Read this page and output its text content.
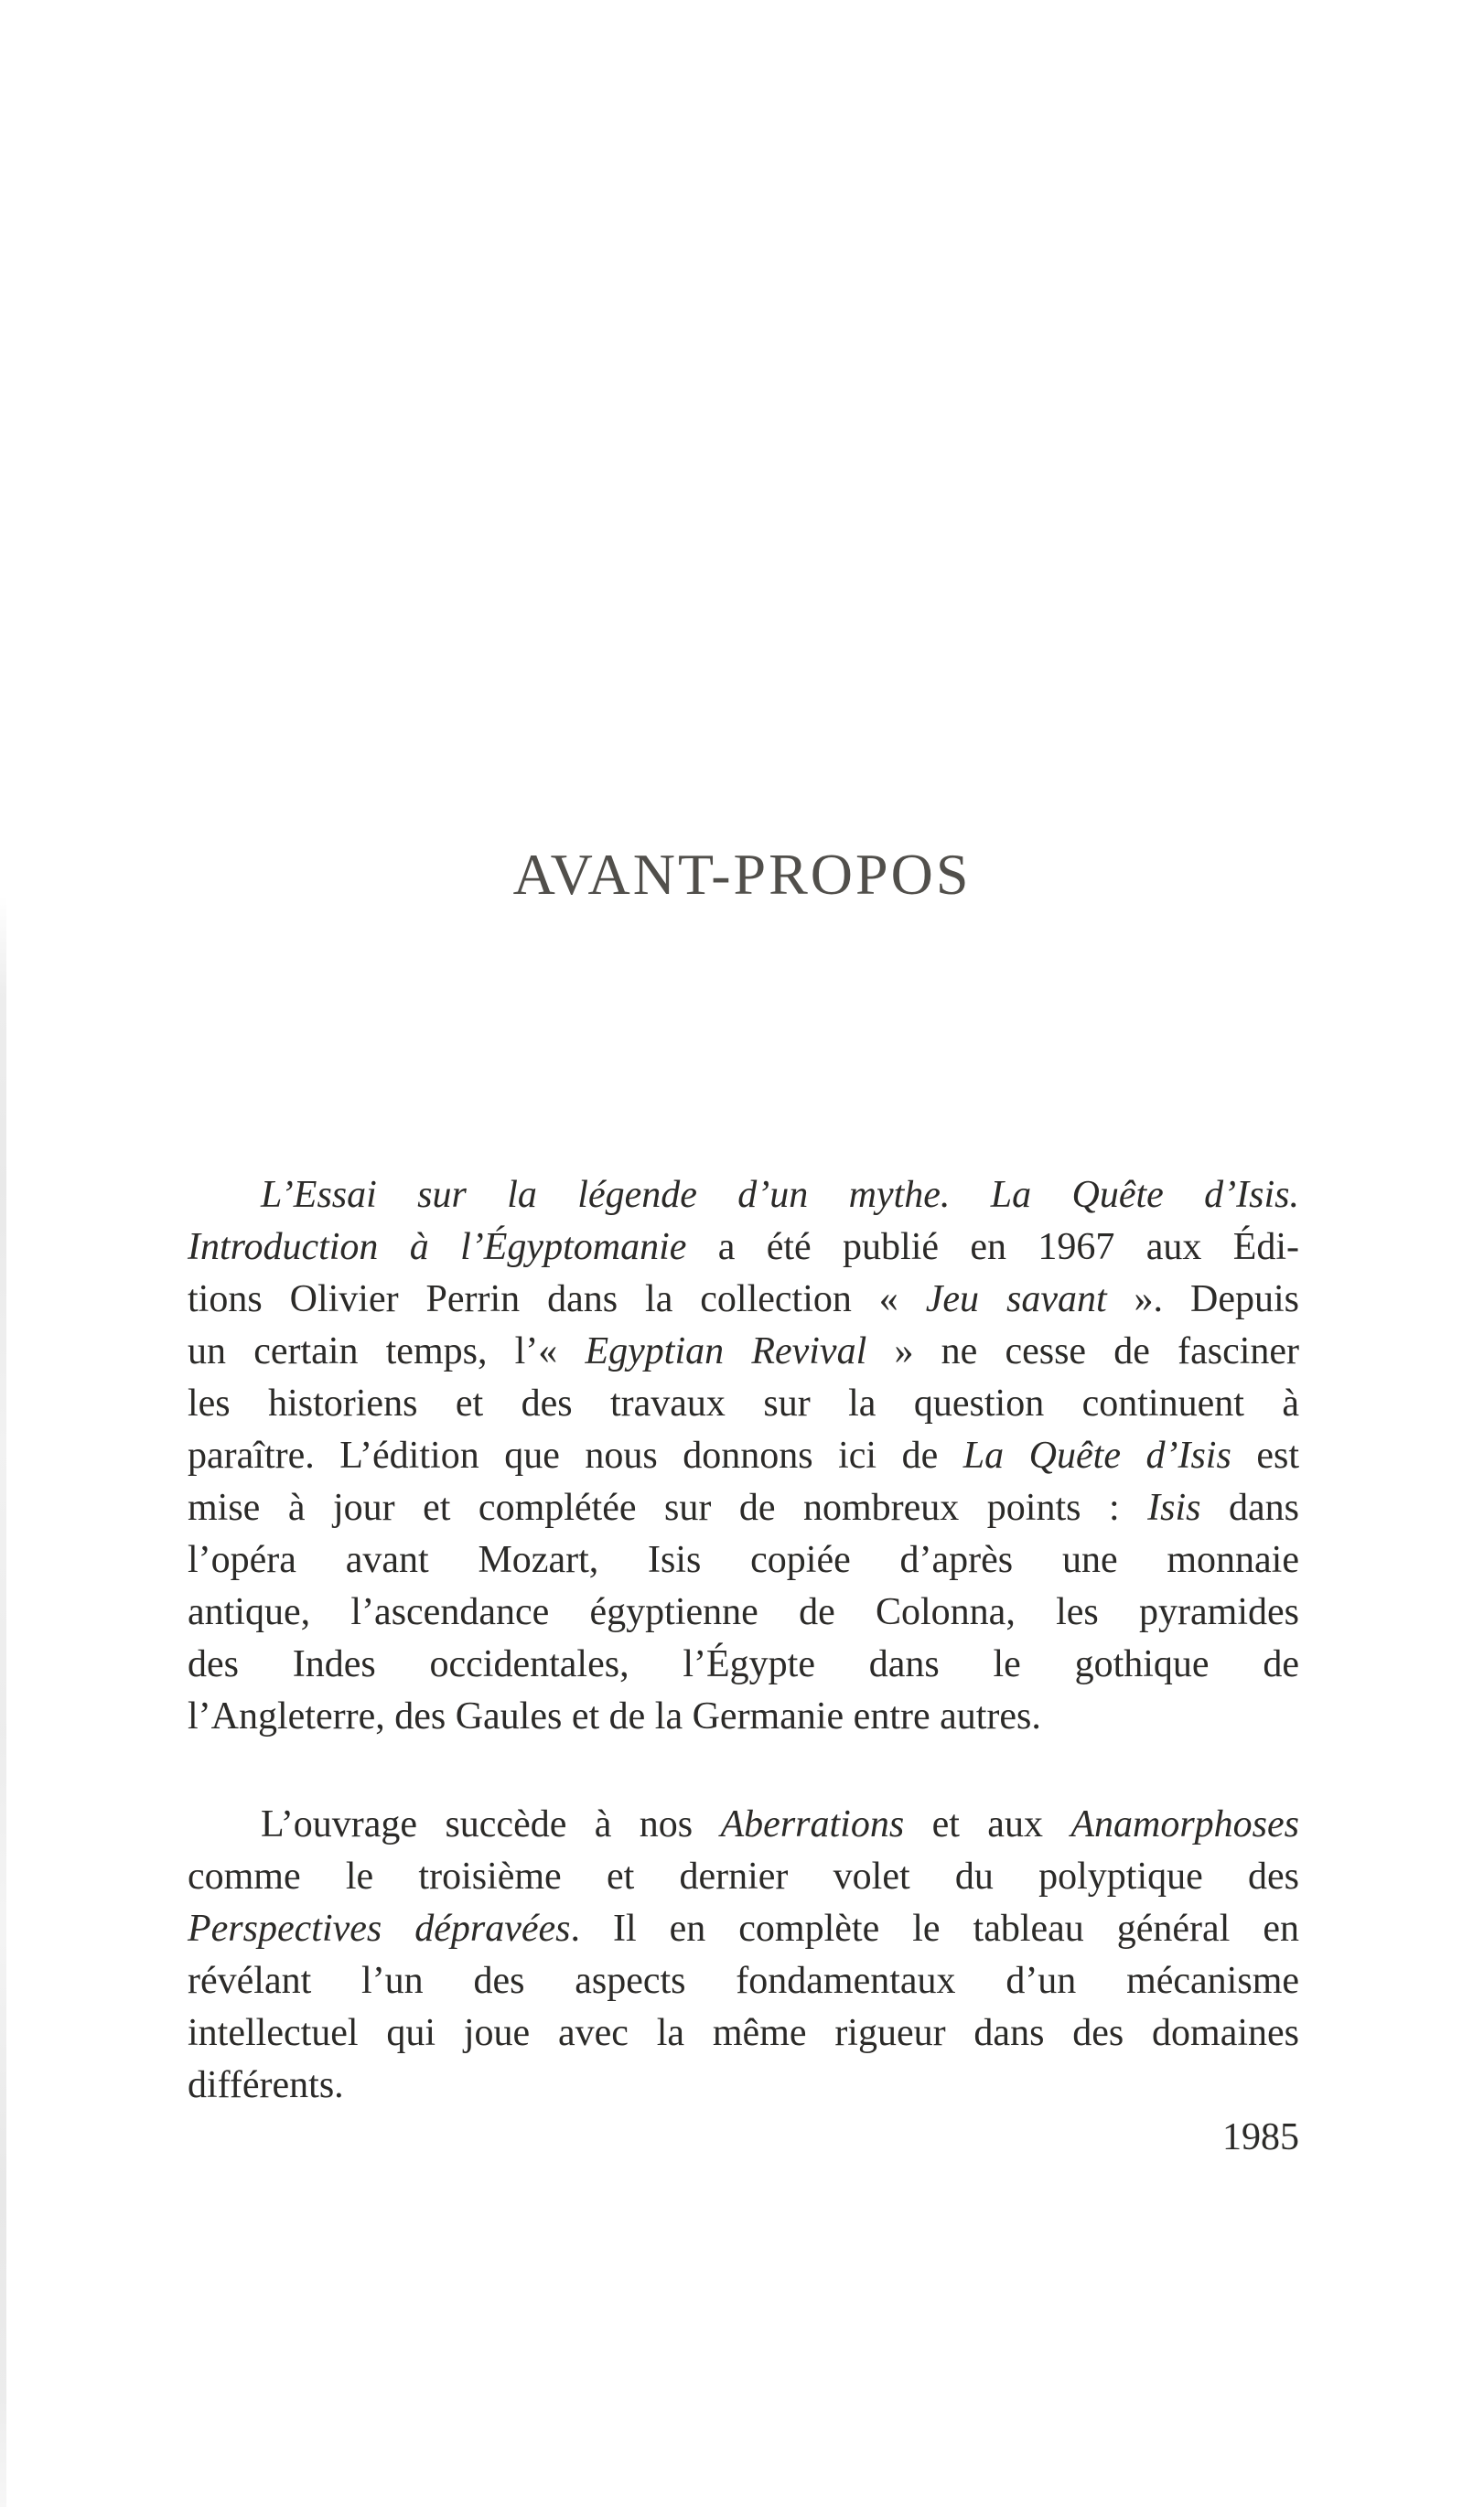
AVANT-PROPOS
L’Essai sur la légende d’un mythe. La Quête d’Isis.
Introduction à l’Égyptomanie a été publié en 1967 aux Édi-
tions Olivier Perrin dans la collection « Jeu savant ». Depuis
un certain temps, l’« Egyptian Revival » ne cesse de fasciner
les historiens et des travaux sur la question continuent à
paraître. L’édition que nous donnons ici de La Quête d’Isis est
mise à jour et complétée sur de nombreux points : Isis dans
l’opéra avant Mozart, Isis copiée d’après une monnaie
antique, l’ascendance égyptienne de Colonna, les pyramides
des Indes occidentales, l’Égypte dans le gothique de
l’Angleterre, des Gaules et de la Germanie entre autres.
L’ouvrage succède à nos Aberrations et aux Anamorphoses
comme le troisième et dernier volet du polyptique des
Perspectives dépravées. Il en complète le tableau général en
révélant l’un des aspects fondamentaux d’un mécanisme
intellectuel qui joue avec la même rigueur dans des domaines
différents.
1985
